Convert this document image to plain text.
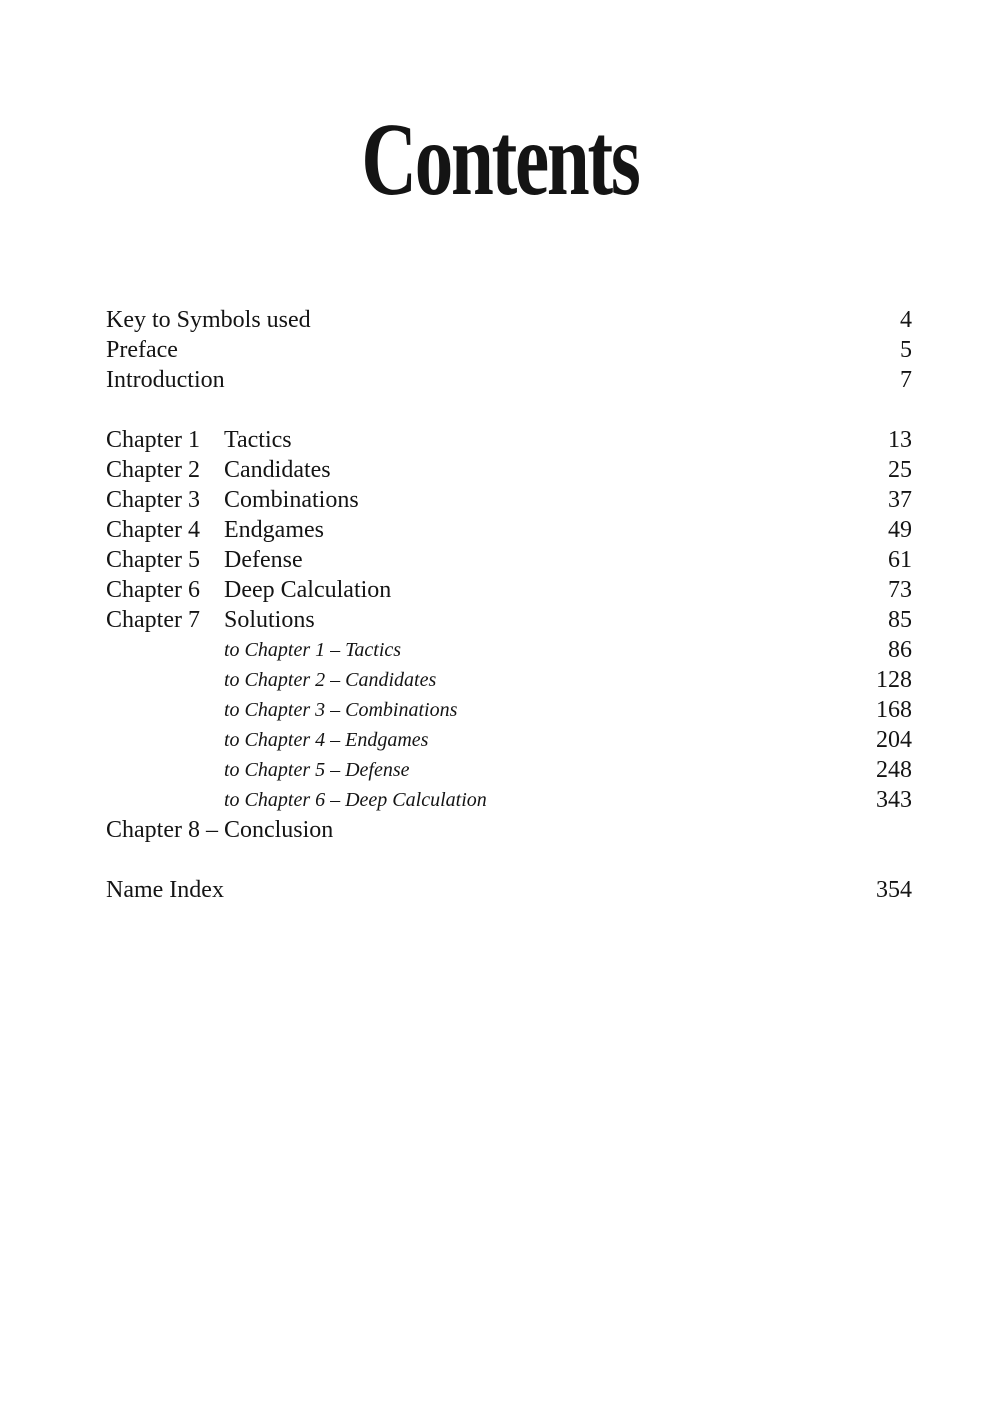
Contents
Key to Symbols used	4
Preface	5
Introduction	7
Chapter 1 Tactics	13
Chapter 2 Candidates	25
Chapter 3 Combinations	37
Chapter 4 Endgames	49
Chapter 5 Defense	61
Chapter 6 Deep Calculation	73
Chapter 7 Solutions	85
to Chapter 1 – Tactics	86
to Chapter 2 – Candidates	128
to Chapter 3 – Combinations	168
to Chapter 4 – Endgames	204
to Chapter 5 – Defense	248
to Chapter 6 – Deep Calculation	343
Chapter 8 – Conclusion
Name Index	354
